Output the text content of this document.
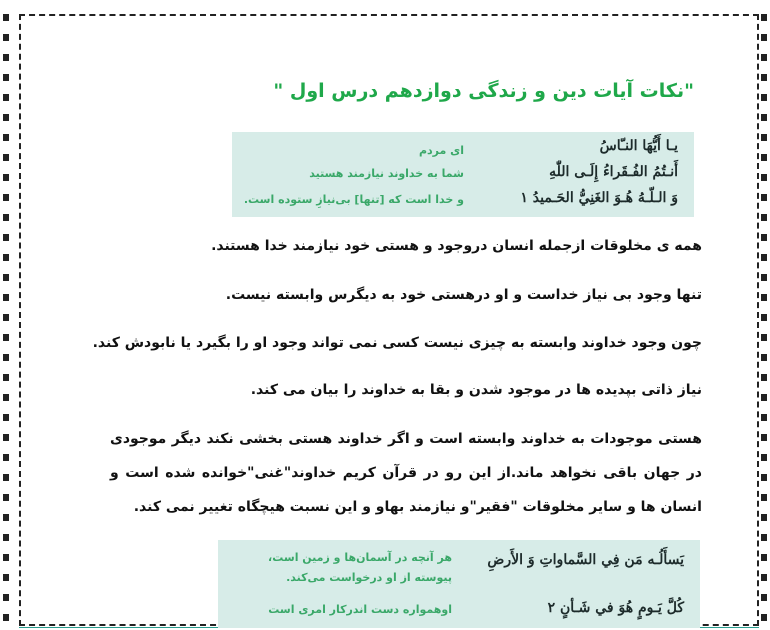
"نکات آیات دین و زندگی دوازدهم درس اول "
يـا أَيُّهَا النـّاسُ
ای مردم
أَنـتُمُ الفُـقَراءُ إِلَـى اللّٰهِ
شما به خداوند نیازمند هستید
وَ الـلّـهُ هُـوَ الغَنِيُّ الحَـميدُ ۱
و خدا است که [تنها] بی‌نیازِ ستوده است.
همه ی مخلوقات ازجمله انسان دروجود و هستی خود نیازمند خدا هستند.
تنها وجود بی نیاز خداست و او درهستی خود به دیگرس وابسته نیست.
چون وجود خداوند وابسته به چیزی نیست کسی نمی تواند وجود او را بگیرد یا نابودش کند.
نیاز ذاتی بپدیده ها در موجود شدن و بقا به خداوند را بیان می کند.
هستی موجودات به خداوند وابسته است و اگر خداوند هستی بخشی نکند دیگر موجودی در جهان باقی نخواهد ماند.از این رو در قرآن کریم خداوند"غنی"خوانده شده است و انسان ها و سایر مخلوقات "فقیر"و نیازمند بهاو و این نسبت هیچگاه تغییر نمی کند.
يَسأَلُـه مَن فِي السَّماواتِ وَ الأَرضِ
هر آنچه در آسمان‌ها و زمین است، پیوسته از او درخواست می‌کند.
كُلَّ يَـومٍ هُوَ في شَـأنٍ ۲
اوهمواره دست اندرکار امری است
